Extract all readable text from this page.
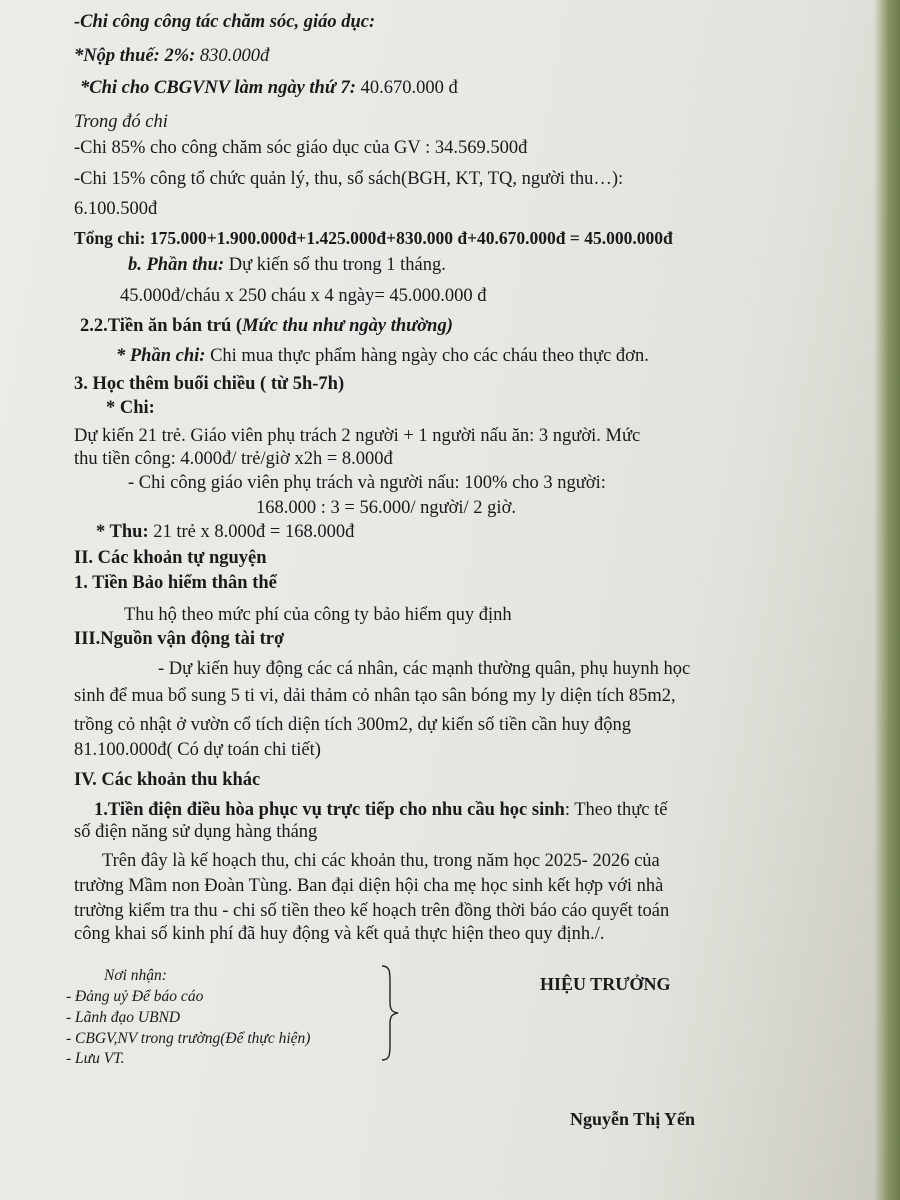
-Chi công công tác chăm sóc, giáo dục:
*Nộp thuế: 2%: 830.000đ
*Chi cho CBGVNV làm ngày thứ 7: 40.670.000 đ
Trong đó chi
-Chi 85% cho công chăm sóc giáo dục của GV : 34.569.500đ
-Chi 15% công tổ chức quản lý, thu, sổ sách(BGH, KT, TQ, người thu…):
6.100.500đ
Tổng chi: 175.000+1.900.000đ+1.425.000đ+830.000 đ+40.670.000đ = 45.000.000đ
b. Phần thu: Dự kiến số thu trong 1 tháng.
45.000đ/cháu x 250 cháu x 4 ngày= 45.000.000 đ
2.2.Tiền ăn bán trú (Mức thu như ngày thường)
* Phần chi: Chi mua thực phẩm hàng ngày cho các cháu theo thực đơn.
3. Học thêm buổi chiều ( từ 5h-7h)
* Chi:
Dự kiến 21 trẻ. Giáo viên phụ trách 2 người + 1 người nấu ăn: 3 người. Mức
thu tiền công: 4.000đ/ trẻ/giờ x2h = 8.000đ
- Chi công giáo viên phụ trách và người nấu: 100% cho 3 người:
168.000 : 3 = 56.000/ người/ 2 giờ.
* Thu: 21 trẻ x 8.000đ = 168.000đ
II. Các khoản tự nguyện
1. Tiền Bảo hiểm thân thể
Thu hộ theo mức phí của công ty bảo hiểm quy định
III.Nguồn vận động tài trợ
- Dự kiến huy động các cá nhân, các mạnh thường quân, phụ huynh học
sinh để mua bổ sung 5 ti vi, dải thảm cỏ nhân tạo sân bóng my ly diện tích 85m2,
trồng cỏ nhật ở vườn cổ tích diện tích 300m2, dự kiến số tiền cần huy động
81.100.000đ( Có dự toán chi tiết)
IV. Các khoản thu khác
1.Tiền điện điều hòa phục vụ trực tiếp cho nhu cầu học sinh: Theo thực tế
số điện năng sử dụng hàng tháng
Trên đây là kế hoạch thu, chi các khoản thu, trong năm học 2025- 2026 của
trường Mầm non Đoàn Tùng. Ban đại diện hội cha mẹ học sinh kết hợp với nhà
trường kiểm tra thu - chi số tiền theo kế hoạch trên đồng thời báo cáo quyết toán
công khai số kinh phí đã huy động và kết quả thực hiện theo quy định./.
Nơi nhận:
- Đảng uỷ Để báo cáo
- Lãnh đạo UBND
- CBGV,NV trong trường(Để thực hiện)
- Lưu VT.
HIỆU TRƯỞNG
Nguyễn Thị Yến
